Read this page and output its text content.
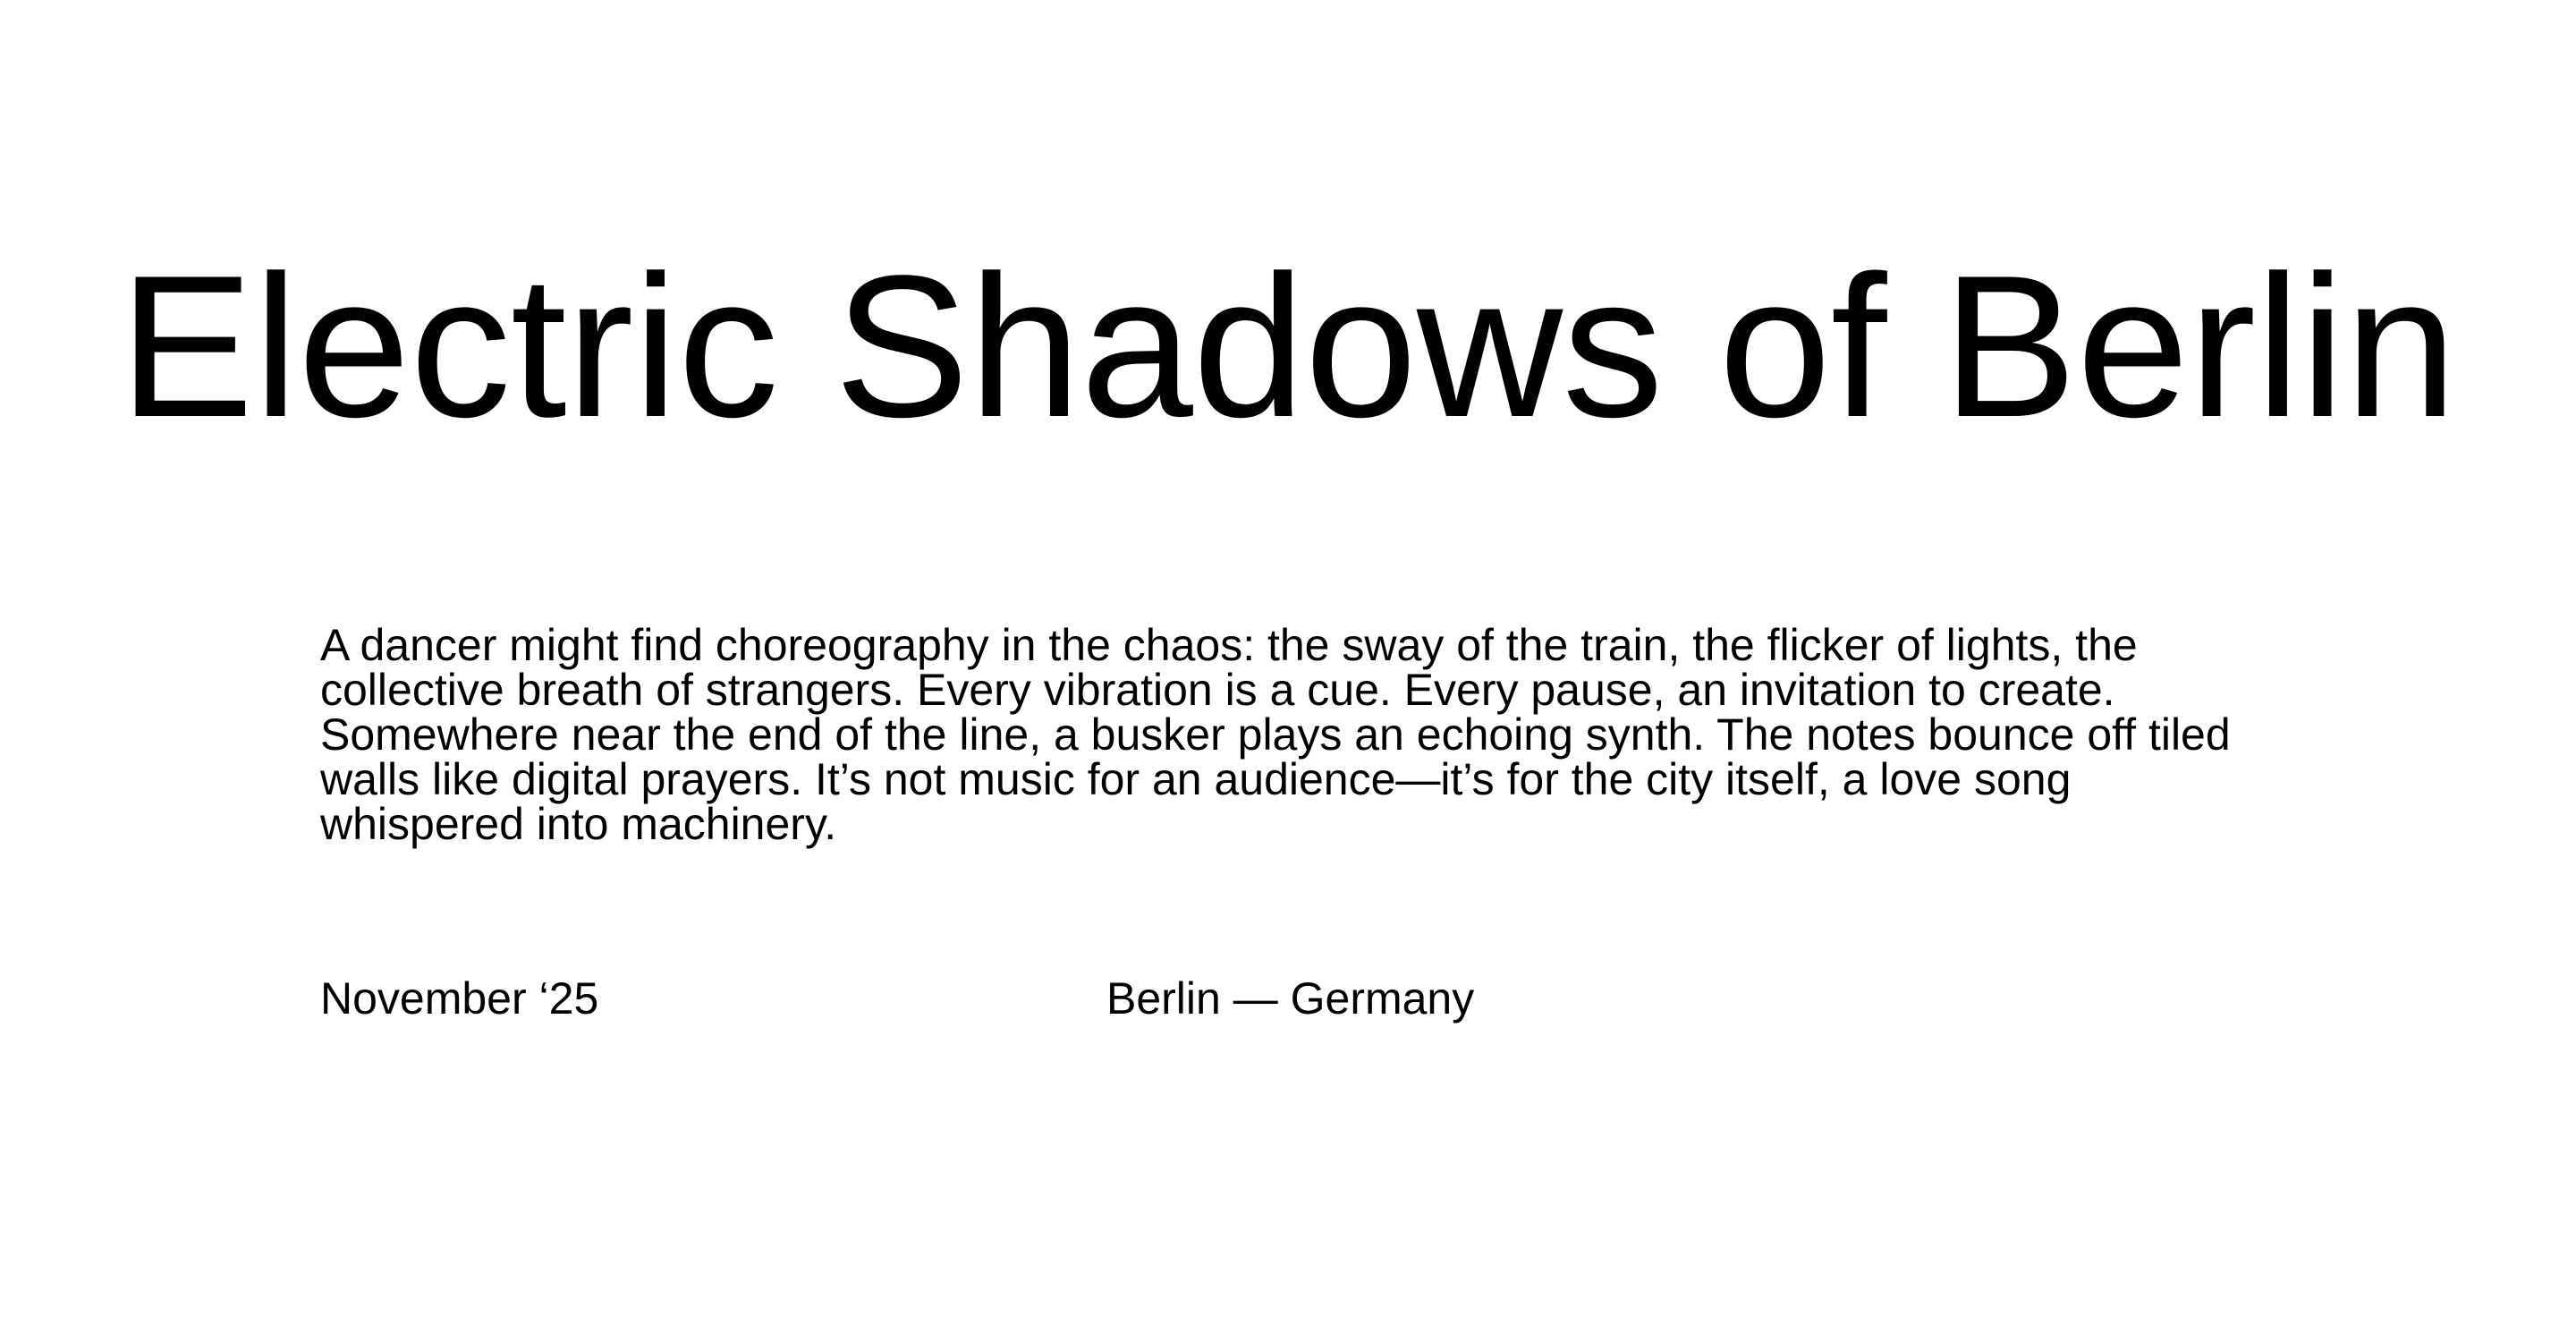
Electric Shadows of Berlin
A dancer might find choreography in the chaos: the sway of the train, the flicker of lights, the
collective breath of strangers. Every vibration is a cue. Every pause, an invitation to create.
Somewhere near the end of the line, a busker plays an echoing synth. The notes bounce off tiled
walls like digital prayers. It’s not music for an audience—it’s for the city itself, a love song
whispered into machinery.
November ‘25	Berlin — Germany
